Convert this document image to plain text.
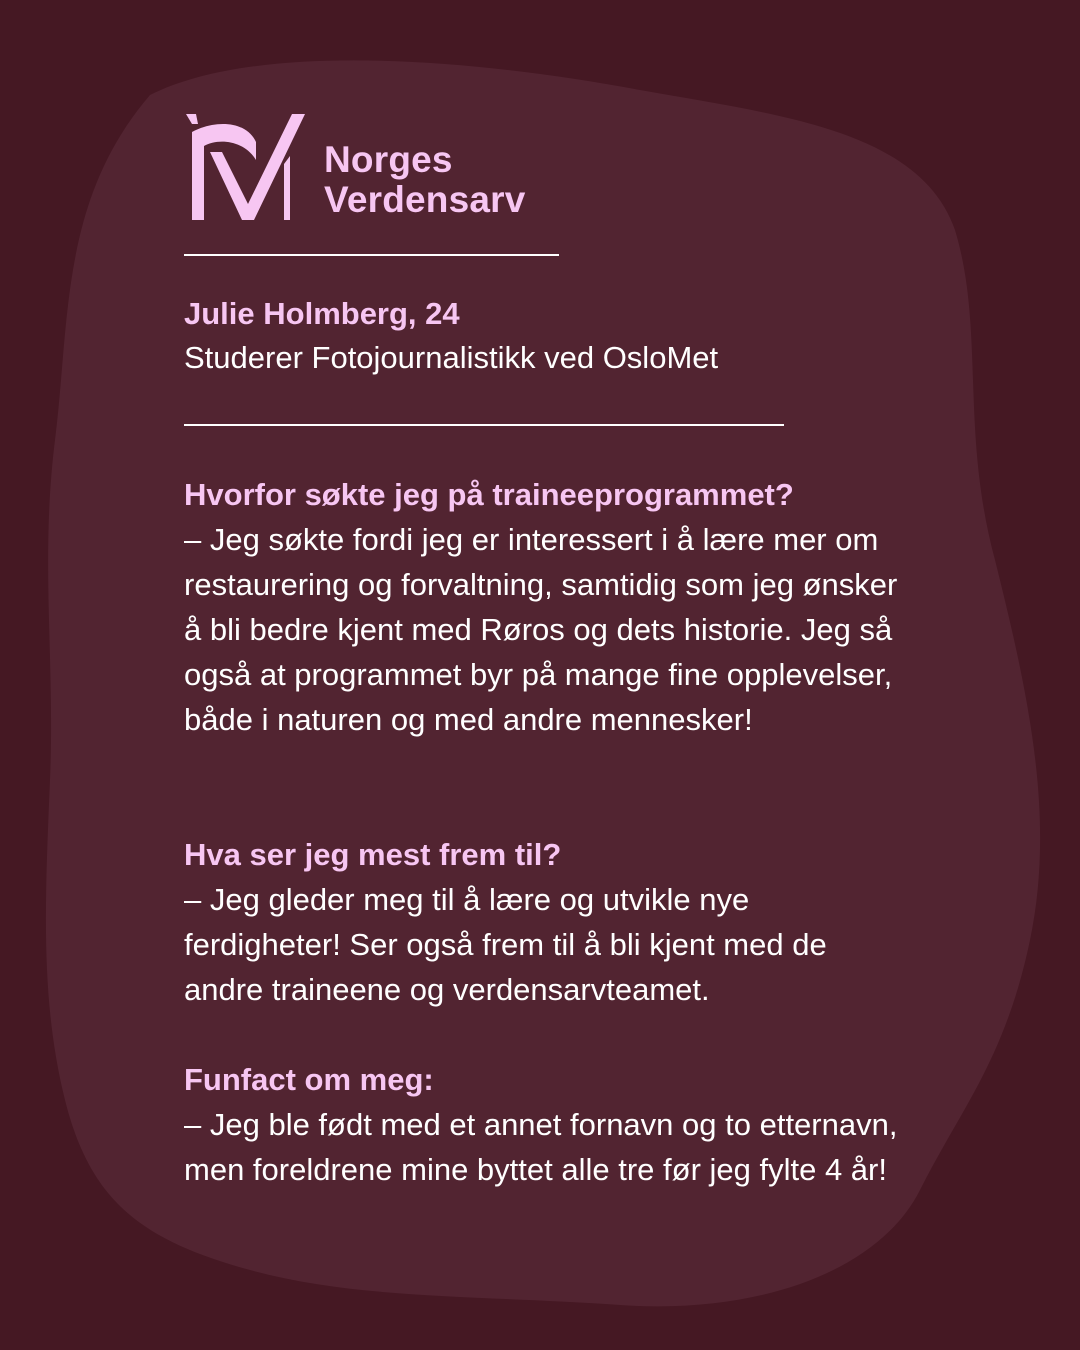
Norges
Verdensarv
Julie Holmberg, 24
Studerer Fotojournalistikk ved OsloMet
Hvorfor søkte jeg på traineeprogrammet?
– Jeg søkte fordi jeg er interessert i å lære mer om restaurering og forvaltning, samtidig som jeg ønsker å bli bedre kjent med Røros og dets historie. Jeg så også at programmet byr på mange fine opplevelser, både i naturen og med andre mennesker!
Hva ser jeg mest frem til?
– Jeg gleder meg til å lære og utvikle nye ferdigheter! Ser også frem til å bli kjent med de andre traineene og verdensarvteamet.
Funfact om meg:
– Jeg ble født med et annet fornavn og to etternavn, men foreldrene mine byttet alle tre før jeg fylte 4 år!
